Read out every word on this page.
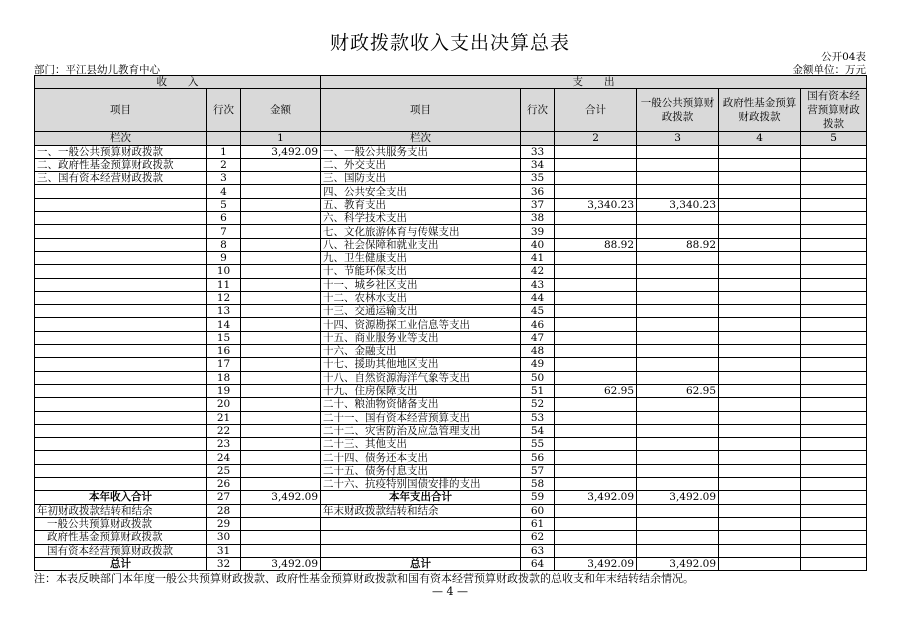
财政拨款收入支出决算总表
公开04表
部门：平江县幼儿教育中心	金额单位：万元
收　　入			支　　出					
项目	行次	金额	项目	行次	合计	一般公共预算财政拨款	政府性基金预算财政拨款	国有资本经营预算财政拨款
栏次		1	栏次		2	3	4	5
一、一般公共预算财政拨款	1	3,492.09	一、一般公共服务支出	33				
二、政府性基金预算财政拨款	2		二、外交支出	34				
三、国有资本经营财政拨款	3		三、国防支出	35				
	4		四、公共安全支出	36				
	5		五、教育支出	37	3,340.23	3,340.23		
	6		六、科学技术支出	38				
	7		七、文化旅游体育与传媒支出	39				
	8		八、社会保障和就业支出	40	88.92	88.92		
	9		九、卫生健康支出	41				
	10		十、节能环保支出	42				
	11		十一、城乡社区支出	43				
	12		十二、农林水支出	44				
	13		十三、交通运输支出	45				
	14		十四、资源勘探工业信息等支出	46				
	15		十五、商业服务业等支出	47				
	16		十六、金融支出	48				
	17		十七、援助其他地区支出	49				
	18		十八、自然资源海洋气象等支出	50				
	19		十九、住房保障支出	51	62.95	62.95		
	20		二十、粮油物资储备支出	52				
	21		二十一、国有资本经营预算支出	53				
	22		二十二、灾害防治及应急管理支出	54				
	23		二十三、其他支出	55				
	24		二十四、债务还本支出	56				
	25		二十五、债务付息支出	57				
	26		二十六、抗疫特别国债安排的支出	58				
本年收入合计	27	3,492.09	本年支出合计	59	3,492.09	3,492.09		
年初财政拨款结转和结余	28		年末财政拨款结转和结余	60				
一般公共预算财政拨款	29			61				
政府性基金预算财政拨款	30			62				
国有资本经营预算财政拨款	31			63				
总计	32	3,492.09	总计	64	3,492.09	3,492.09		
注：本表反映部门本年度一般公共预算财政拨款、政府性基金预算财政拨款和国有资本经营预算财政拨款的总收支和年末结转结余情况。
— 4 —
